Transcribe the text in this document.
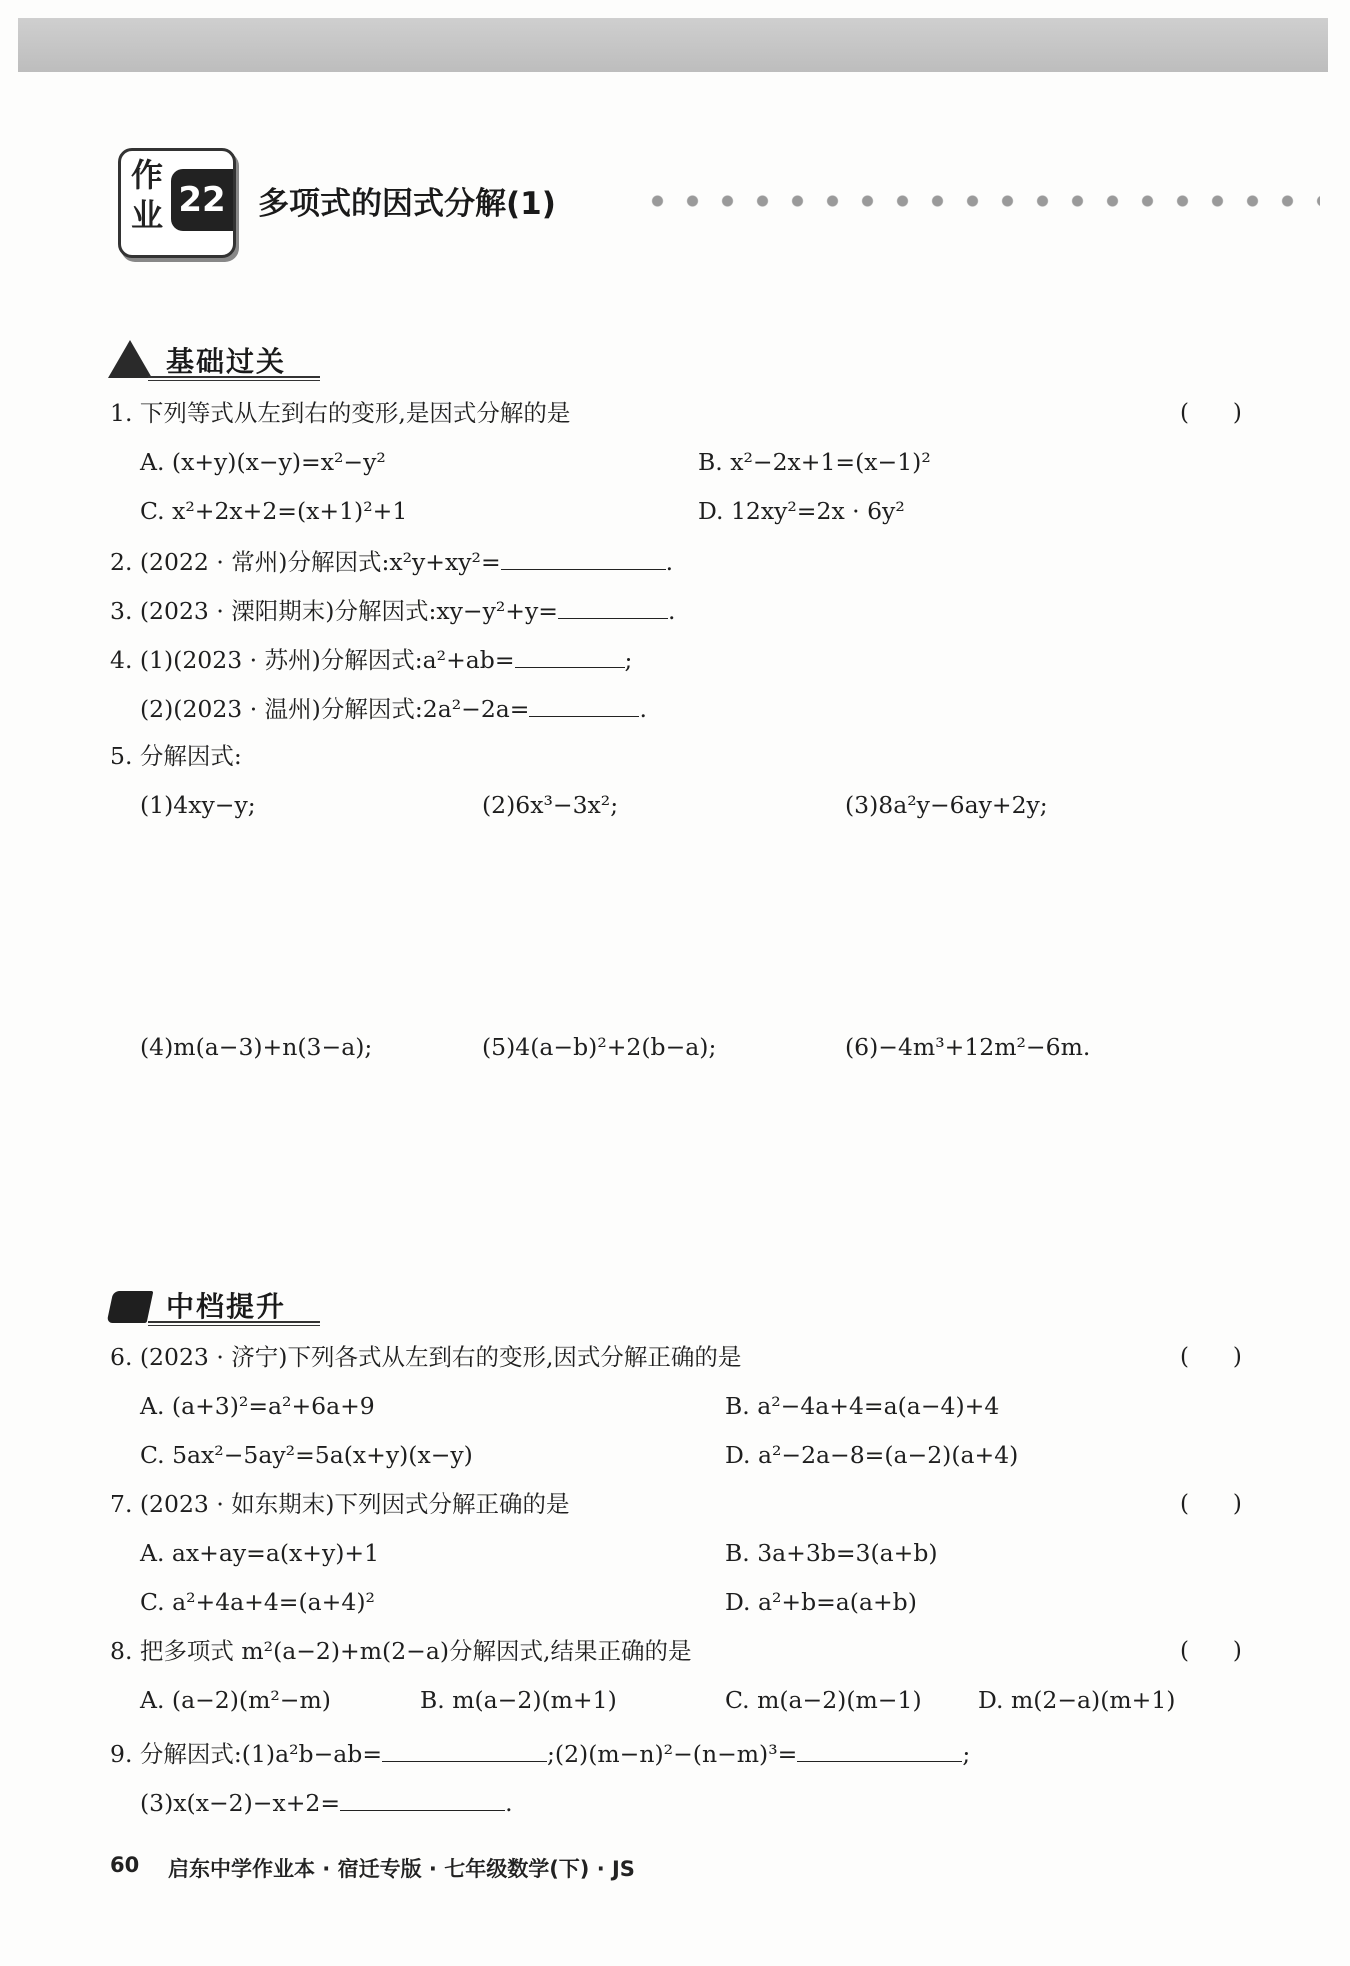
作业 22 多项式的因式分解(1)
基础过关
1. 下列等式从左到右的变形,是因式分解的是	(      )
A. (x+y)(x−y)=x²−y²	B. x²−2x+1=(x−1)²
C. x²+2x+2=(x+1)²+1	D. 12xy²=2x · 6y²
2. (2022 · 常州)分解因式:x²y+xy²=	.
3. (2023 · 溧阳期末)分解因式:xy−y²+y=	.
4. (1)(2023 · 苏州)分解因式:a²+ab=	;
(2)(2023 · 温州)分解因式:2a²−2a=	.
5. 分解因式:
(1)4xy−y;	(2)6x³−3x²;	(3)8a²y−6ay+2y;
(4)m(a−3)+n(3−a);	(5)4(a−b)²+2(b−a);	(6)−4m³+12m²−6m.
中档提升
6. (2023 · 济宁)下列各式从左到右的变形,因式分解正确的是	(      )
A. (a+3)²=a²+6a+9	B. a²−4a+4=a(a−4)+4
C. 5ax²−5ay²=5a(x+y)(x−y)	D. a²−2a−8=(a−2)(a+4)
7. (2023 · 如东期末)下列因式分解正确的是	(      )
A. ax+ay=a(x+y)+1	B. 3a+3b=3(a+b)
C. a²+4a+4=(a+4)²	D. a²+b=a(a+b)
8. 把多项式 m²(a−2)+m(2−a)分解因式,结果正确的是	(      )
A. (a−2)(m²−m)	B. m(a−2)(m+1)	C. m(a−2)(m−1) D. m(2−a)(m+1)
9. 分解因式:(1)a²b−ab=	;(2)(m−n)²−(n−m)³=	;
(3)x(x−2)−x+2=	.
60 启东中学作业本 · 宿迁专版 · 七年级数学(下) · JS
